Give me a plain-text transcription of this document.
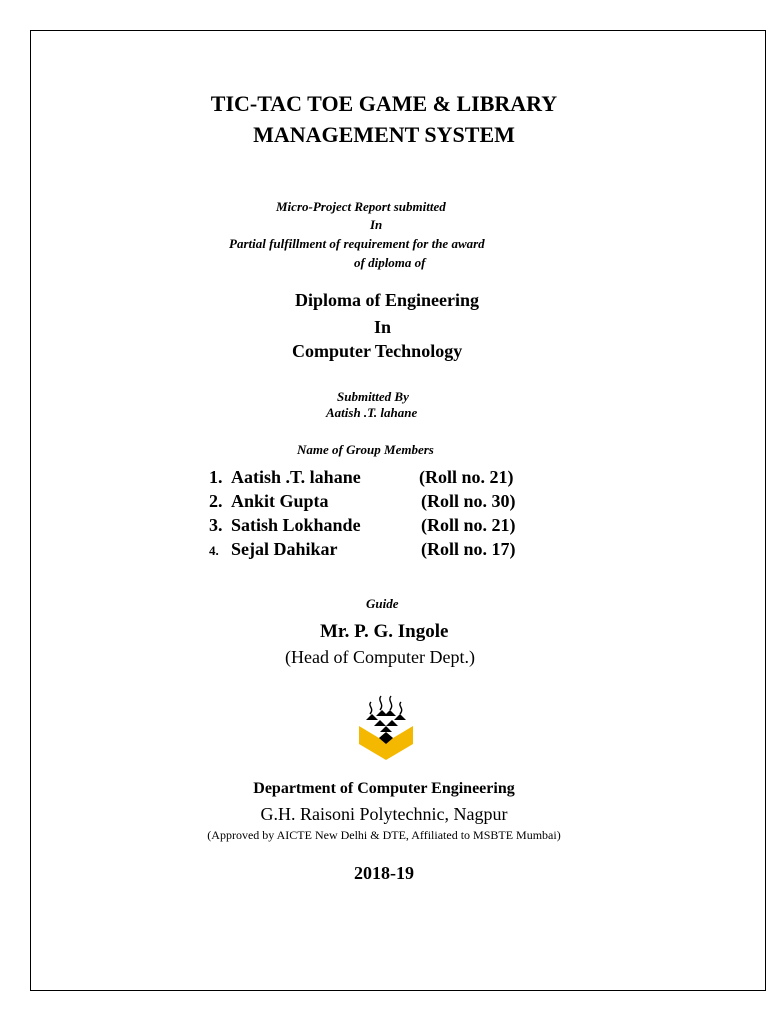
TIC-TAC TOE GAME & LIBRARY
MANAGEMENT SYSTEM
Micro-Project Report submitted
In
Partial fulfillment of requirement for the award
of diploma of
Diploma of Engineering
In
Computer Technology
Submitted By
Aatish .T. lahane
Name of Group Members
1. Aatish .T. lahane	(Roll no. 21)
2. Ankit Gupta	(Roll no. 30)
3. Satish Lokhande	(Roll no. 21)
4. Sejal Dahikar	(Roll no. 17)
Guide
Mr. P. G. Ingole
(Head of Computer Dept.)
Department of Computer Engineering
G.H. Raisoni Polytechnic, Nagpur
(Approved by AICTE New Delhi & DTE, Affiliated to MSBTE Mumbai)
2018-19
